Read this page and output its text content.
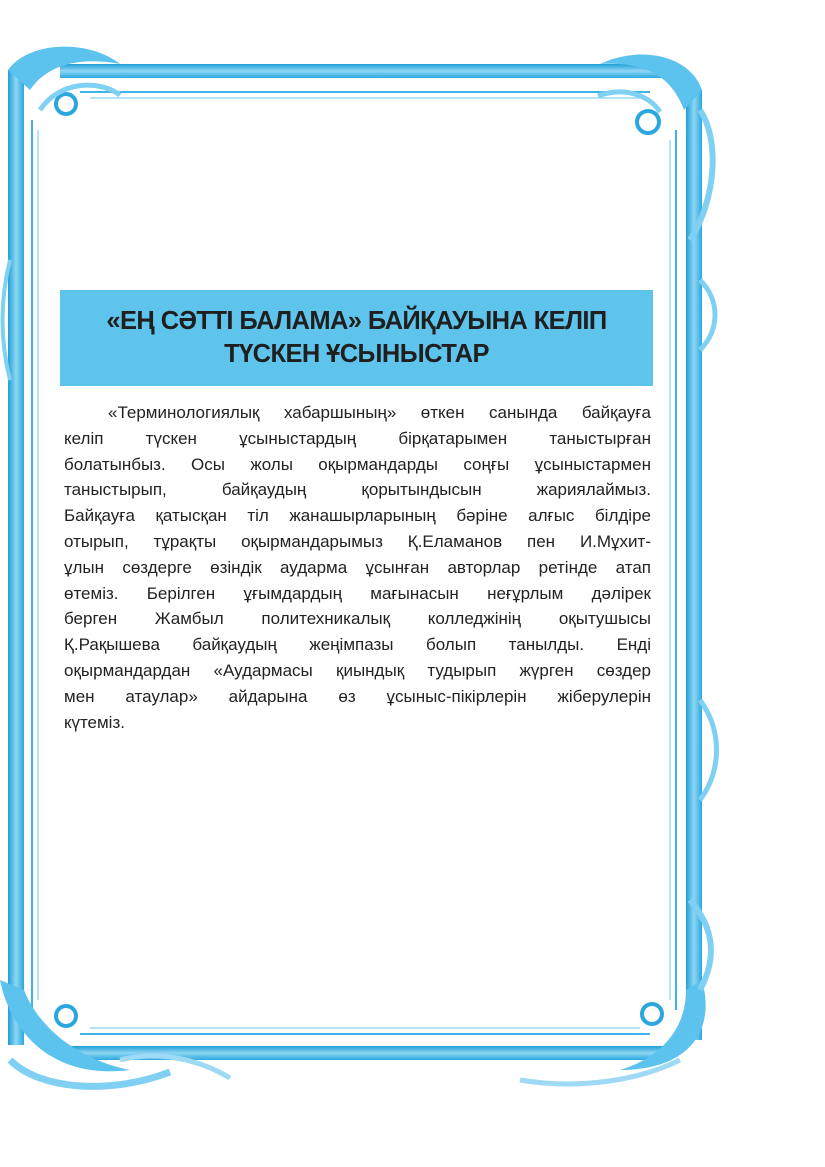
«ЕҢ СӘТТІ БАЛАМА» БАЙҚАУЫНА КЕЛІП
ТҮСКЕН ҰСЫНЫСТАР

«Терминологиялық хабаршының» өткен санында байқауға
келіп түскен ұсыныстардың бірқатарымен таныстырған
болатынбыз. Осы жолы оқырмандарды соңғы ұсыныстармен
таныстырып, байқаудың қорытындысын жариялаймыз.
Байқауға қатысқан тіл жанашырларының бәріне алғыс білдіре
отырып, тұрақты оқырмандарымыз Қ.Еламанов пен И.Мұхит-
ұлын сөздерге өзіндік аудармa ұсынған авторлар ретінде атап
өтеміз. Берілген ұғымдардың мағынасын неғұрлым дәлірек
берген Жамбыл политехникалық колледжінің оқытушысы
Қ.Рақышева байқаудың жеңімпазы болып танылды. Енді
оқырмандардан «Аудармасы қиындық тудырып жүрген сөздер
мен атаулар» айдарына өз ұсыныс-пікірлерін жіберулерін
күтеміз.
